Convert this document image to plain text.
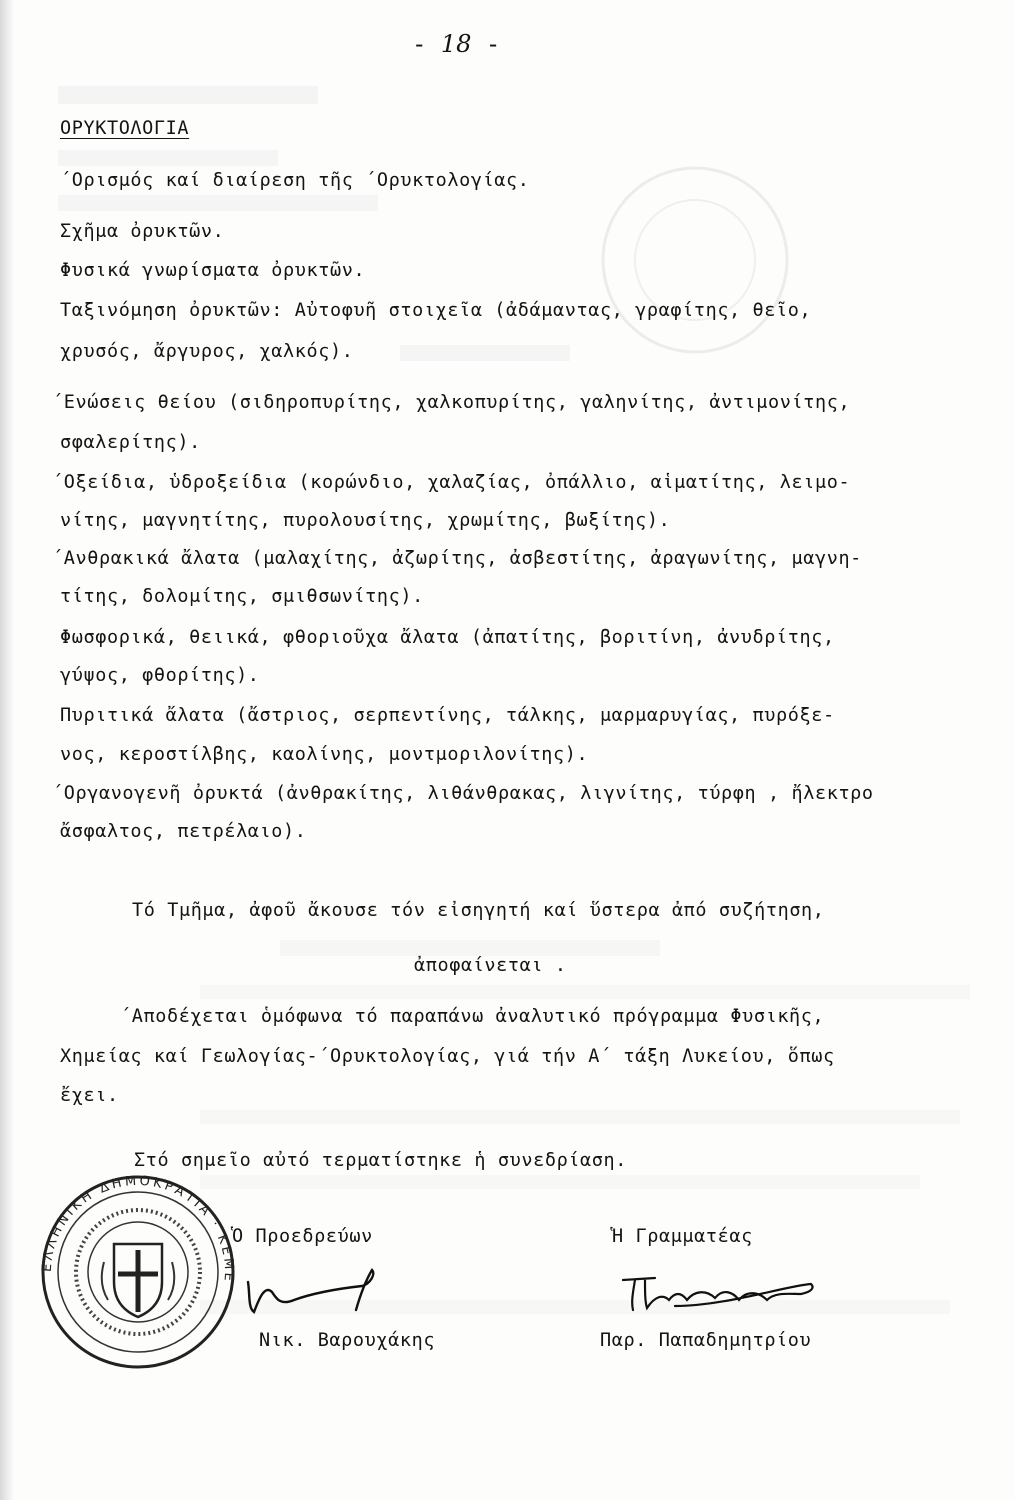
- 18 -
ΟΡΥΚΤΟΛΟΓΙΑ
΄Ορισμός καί διαίρεση τῆς ΄Ορυκτολογίας.
Σχῆμα ὀρυκτῶν.
Φυσικά γνωρίσματα ὀρυκτῶν.
Ταξινόμηση ὀρυκτῶν: Αὐτοφυῆ στοιχεῖα (ἀδάμαντας, γραφίτης, θεῖο,
χρυσός, ἄργυρος, χαλκός).
΄Ενώσεις θείου (σιδηροπυρίτης, χαλκοπυρίτης, γαληνίτης, ἀντιμονίτης,
σφαλερίτης).
΄Οξείδια, ὑδροξείδια (κορώνδιο, χαλαζίας, ὀπάλλιο, αἱματίτης, λειμο-
νίτης, μαγνητίτης, πυρολουσίτης, χρωμίτης, βωξίτης).
΄Ανθρακικά ἄλατα (μαλαχίτης, ἀζωρίτης, ἀσβεστίτης, ἀραγωνίτης, μαγνη-
τίτης, δολομίτης, σμιθσωνίτης).
Φωσφορικά, θειικά, φθοριοῦχα ἄλατα (ἀπατίτης, βοριτίνη, ἀνυδρίτης,
γύψος, φθορίτης).
Πυριτικά ἄλατα (ἄστριος, σερπεντίνης, τάλκης, μαρμαρυγίας, πυρόξε-
νος, κεροστίλβης, καολίνης, μοντμοριλονίτης).
΄Οργανογενῆ ὀρυκτά (ἀνθρακίτης, λιθάνθρακας, λιγνίτης, τύρφη , ἤλεκτρο
ἄσφαλτος, πετρέλαιο).
Τό Τμῆμα, ἀφοῦ ἄκουσε τόν εἰσηγητή καί ὕστερα ἀπό συζήτηση,
ἀποφαίνεται .
΄Αποδέχεται ὁμόφωνα τό παραπάνω ἀναλυτικό πρόγραμμα Φυσικῆς,
Χημείας καί Γεωλογίας-΄Ορυκτολογίας, γιά τήν Α΄ τάξη Λυκείου, ὅπως
ἔχει.
Στό σημεῖο αὐτό τερματίστηκε ἡ συνεδρίαση.
ΕΛΛΗΝΙΚΗ ΔΗΜΟΚΡΑΤΙΑ · ΚΕΜΕ
Ὁ Προεδρεύων
Νικ. Βαρουχάκης
Ἡ Γραμματέας
Παρ. Παπαδημητρίου
